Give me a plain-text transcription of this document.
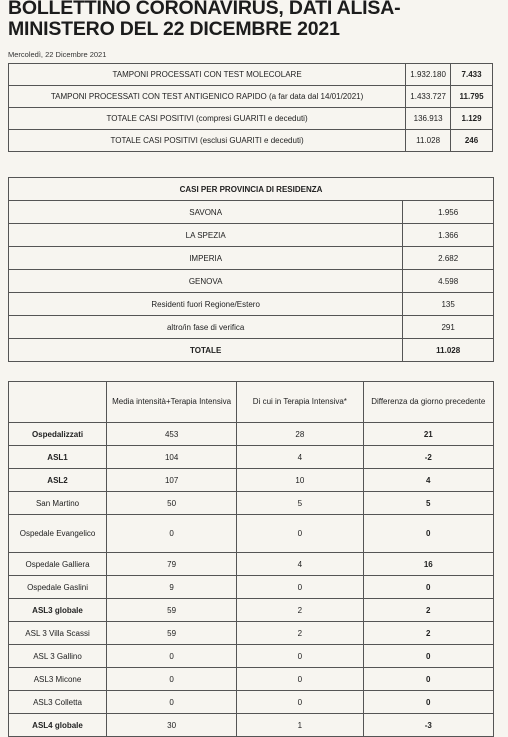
BOLLETTINO CORONAVIRUS, DATI ALISA-
MINISTERO DEL 22 DICEMBRE 2021
Mercoledì, 22 Dicembre 2021
TAMPONI PROCESSATI CON TEST MOLECOLARE	1.932.180	7.433
TAMPONI PROCESSATI CON TEST ANTIGENICO RAPIDO (a far data dal 14/01/2021)	1.433.727	11.795
TOTALE CASI POSITIVI (compresi GUARITI e deceduti)	136.913	1.129
TOTALE CASI POSITIVI (esclusi GUARITI e deceduti)	11.028	246
CASI PER PROVINCIA DI RESIDENZA	
SAVONA	1.956
LA SPEZIA	1.366
IMPERIA	2.682
GENOVA	4.598
Residenti fuori Regione/Estero	135
altro/in fase di verifica	291
TOTALE	11.028
	Media intensità+Terapia Intensiva	Di cui in Terapia Intensiva*	Differenza da giorno precedente
Ospedalizzati	453	28	21
ASL1	104	4	-2
ASL2	107	10	4
San Martino	50	5	5
Ospedale Evangelico	0	0	0
Ospedale Galliera	79	4	16
Ospedale Gaslini	9	0	0
ASL3 globale	59	2	2
ASL 3 Villa Scassi	59	2	2
ASL 3 Gallino	0	0	0
ASL3 Micone	0	0	0
ASL3 Colletta	0	0	0
ASL4 globale	30	1	-3
